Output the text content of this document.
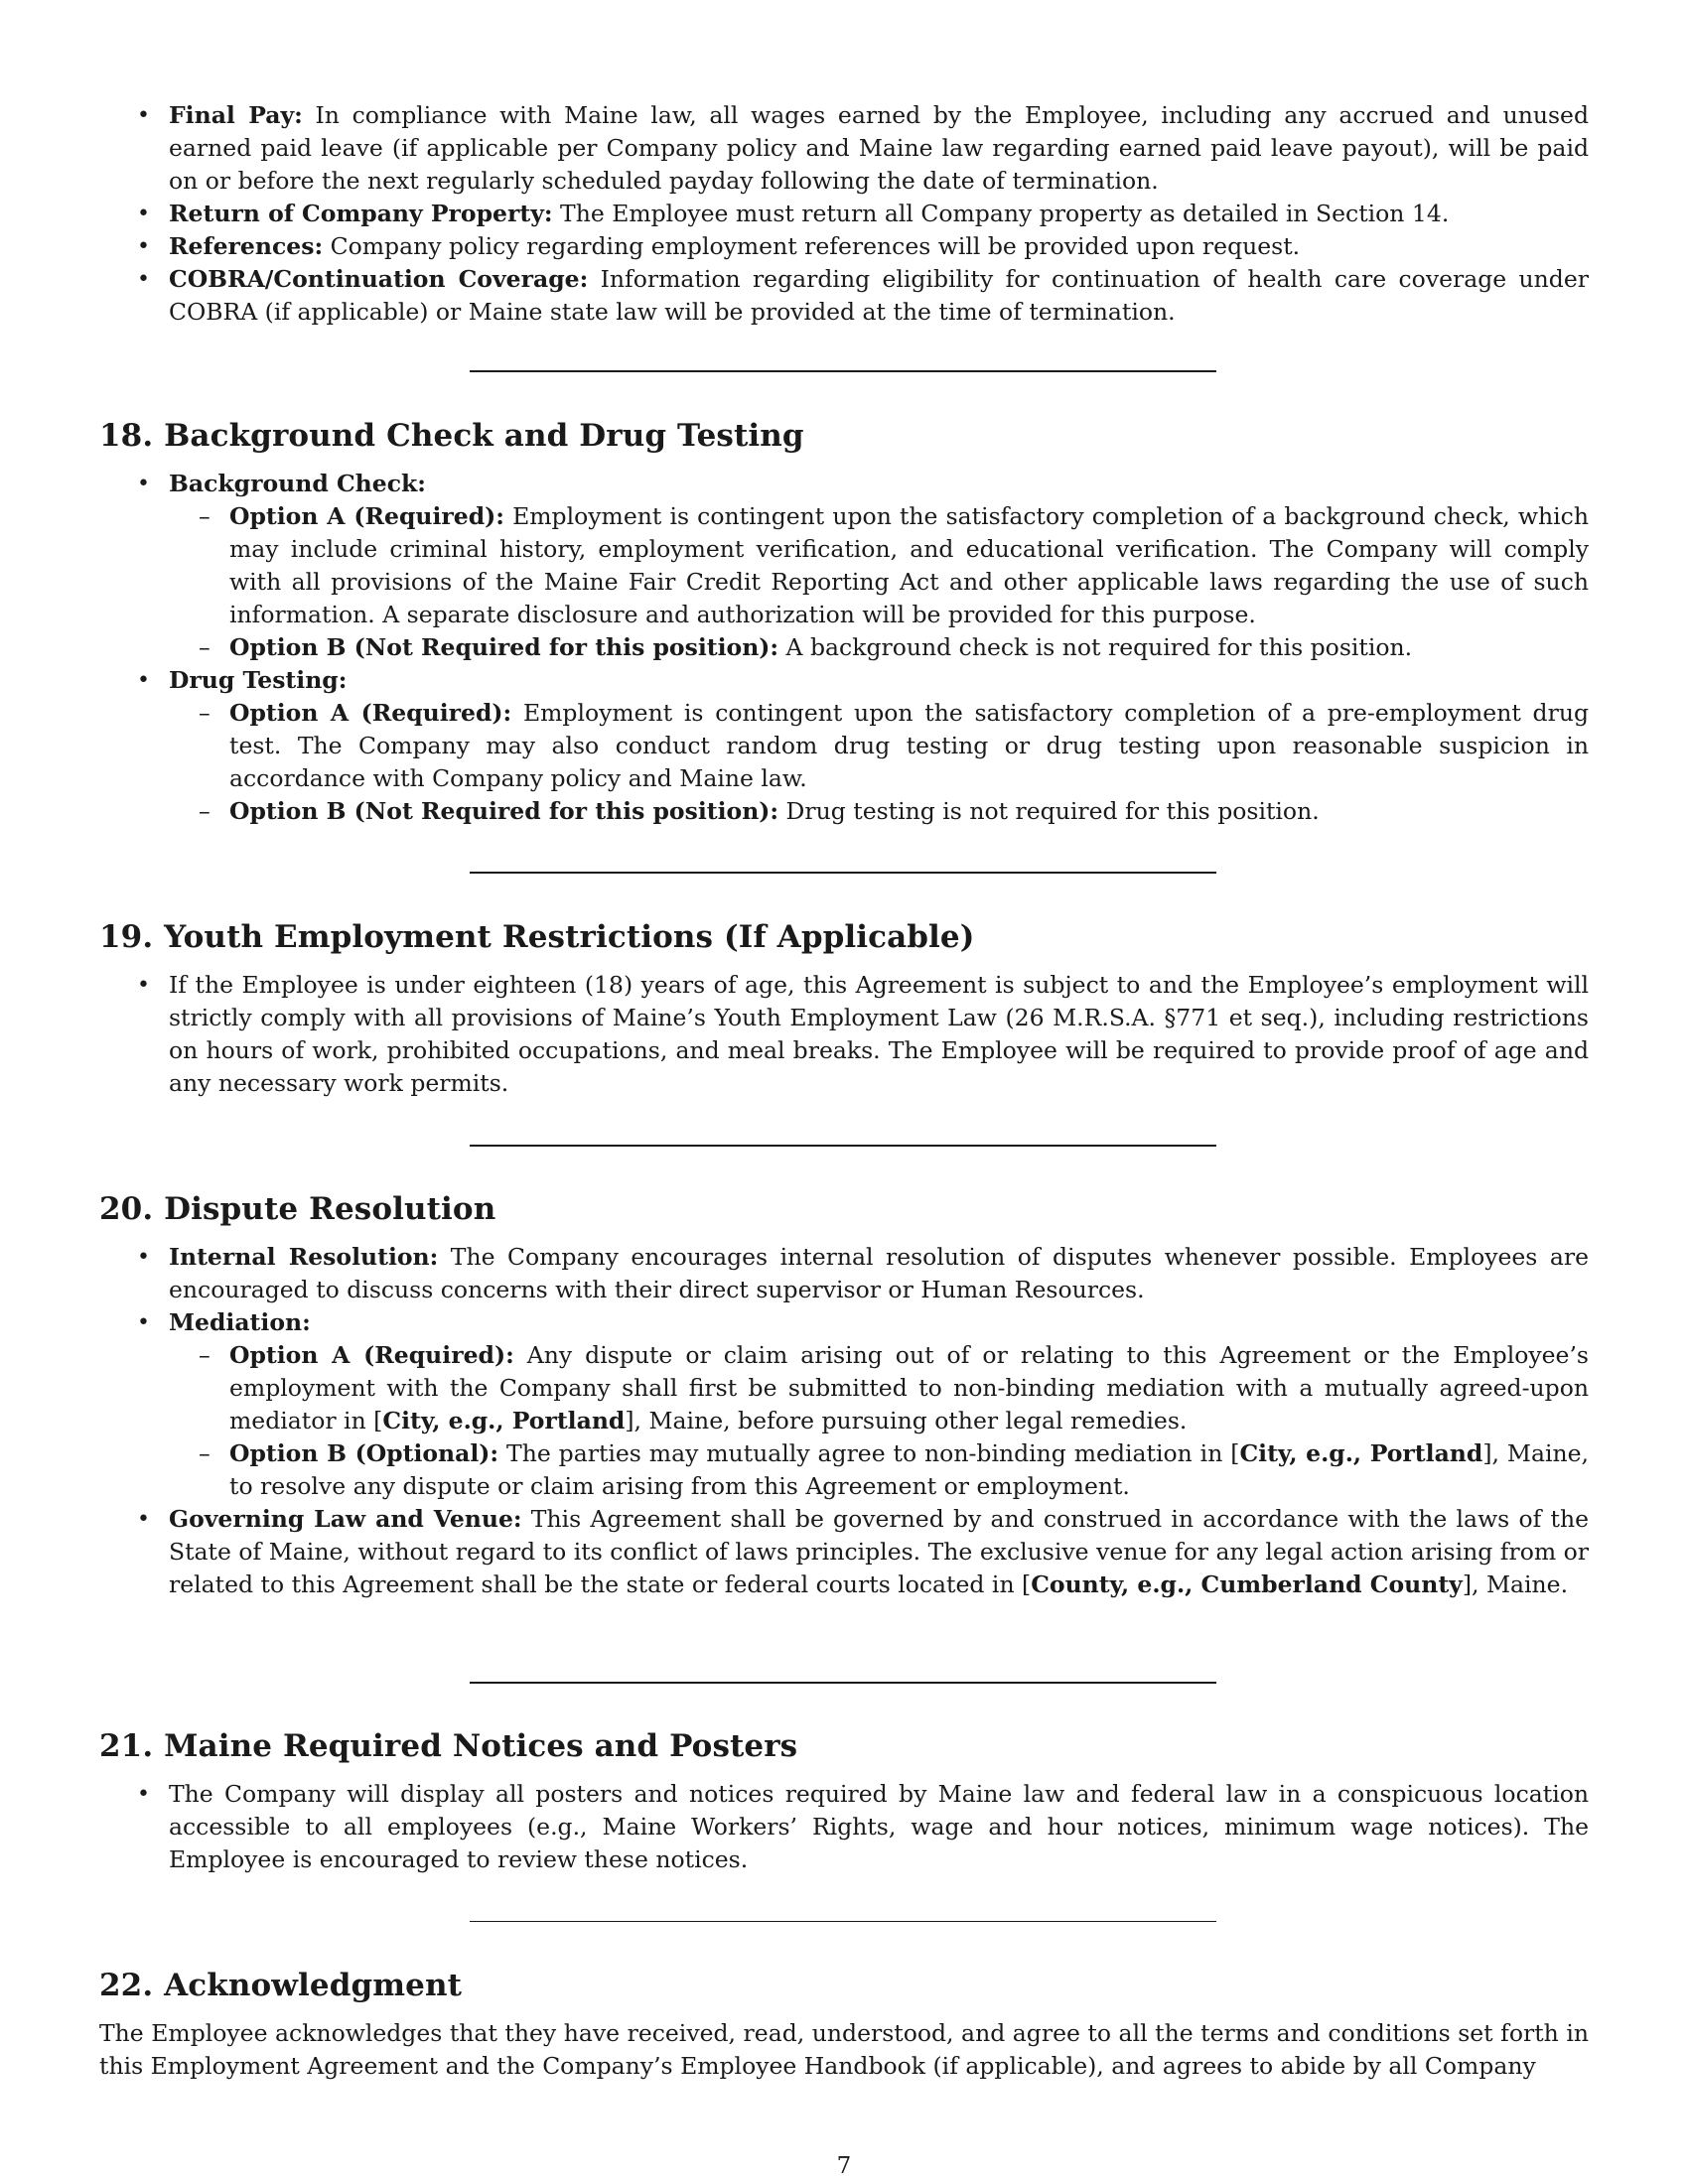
• Final Pay: In compliance with Maine law, all wages earned by the Employee, including any accrued and unused earned paid leave (if applicable per Company policy and Maine law regarding earned paid leave payout), will be paid on or before the next regularly scheduled payday following the date of termination.
• Return of Company Property: The Employee must return all Company property as detailed in Section 14.
• References: Company policy regarding employment references will be provided upon request.
• COBRA/Continuation Coverage: Information regarding eligibility for continuation of health care coverage under COBRA (if applicable) or Maine state law will be provided at the time of termination.
18. Background Check and Drug Testing
• Background Check:
– Option A (Required): Employment is contingent upon the satisfactory completion of a background check, which may include criminal history, employment verification, and educational verification. The Company will comply with all provisions of the Maine Fair Credit Reporting Act and other applicable laws regarding the use of such information. A separate disclosure and authorization will be provided for this purpose.
– Option B (Not Required for this position): A background check is not required for this position.
• Drug Testing:
– Option A (Required): Employment is contingent upon the satisfactory completion of a pre-employment drug test. The Company may also conduct random drug testing or drug testing upon reasonable suspicion in accordance with Company policy and Maine law.
– Option B (Not Required for this position): Drug testing is not required for this position.
19. Youth Employment Restrictions (If Applicable)
• If the Employee is under eighteen (18) years of age, this Agreement is subject to and the Employee’s employment will strictly comply with all provisions of Maine’s Youth Employment Law (26 M.R.S.A. §771 et seq.), including restrictions on hours of work, prohibited occupations, and meal breaks. The Employee will be required to provide proof of age and any necessary work permits.
20. Dispute Resolution
• Internal Resolution: The Company encourages internal resolution of disputes whenever possible. Employees are encouraged to discuss concerns with their direct supervisor or Human Resources.
• Mediation:
– Option A (Required): Any dispute or claim arising out of or relating to this Agreement or the Employee’s employment with the Company shall first be submitted to non-binding mediation with a mutually agreed-upon mediator in [City, e.g., Portland], Maine, before pursuing other legal remedies.
– Option B (Optional): The parties may mutually agree to non-binding mediation in [City, e.g., Portland], Maine, to resolve any dispute or claim arising from this Agreement or employment.
• Governing Law and Venue: This Agreement shall be governed by and construed in accordance with the laws of the State of Maine, without regard to its conflict of laws principles. The exclusive venue for any legal action arising from or related to this Agreement shall be the state or federal courts located in [County, e.g., Cumberland County], Maine.
21. Maine Required Notices and Posters
• The Company will display all posters and notices required by Maine law and federal law in a conspicuous location accessible to all employees (e.g., Maine Workers’ Rights, wage and hour notices, minimum wage notices). The Employee is encouraged to review these notices.
22. Acknowledgment

The Employee acknowledges that they have received, read, understood, and agree to all the terms and conditions set forth in this Employment Agreement and the Company’s Employee Handbook (if applicable), and agrees to abide by all Company

7
